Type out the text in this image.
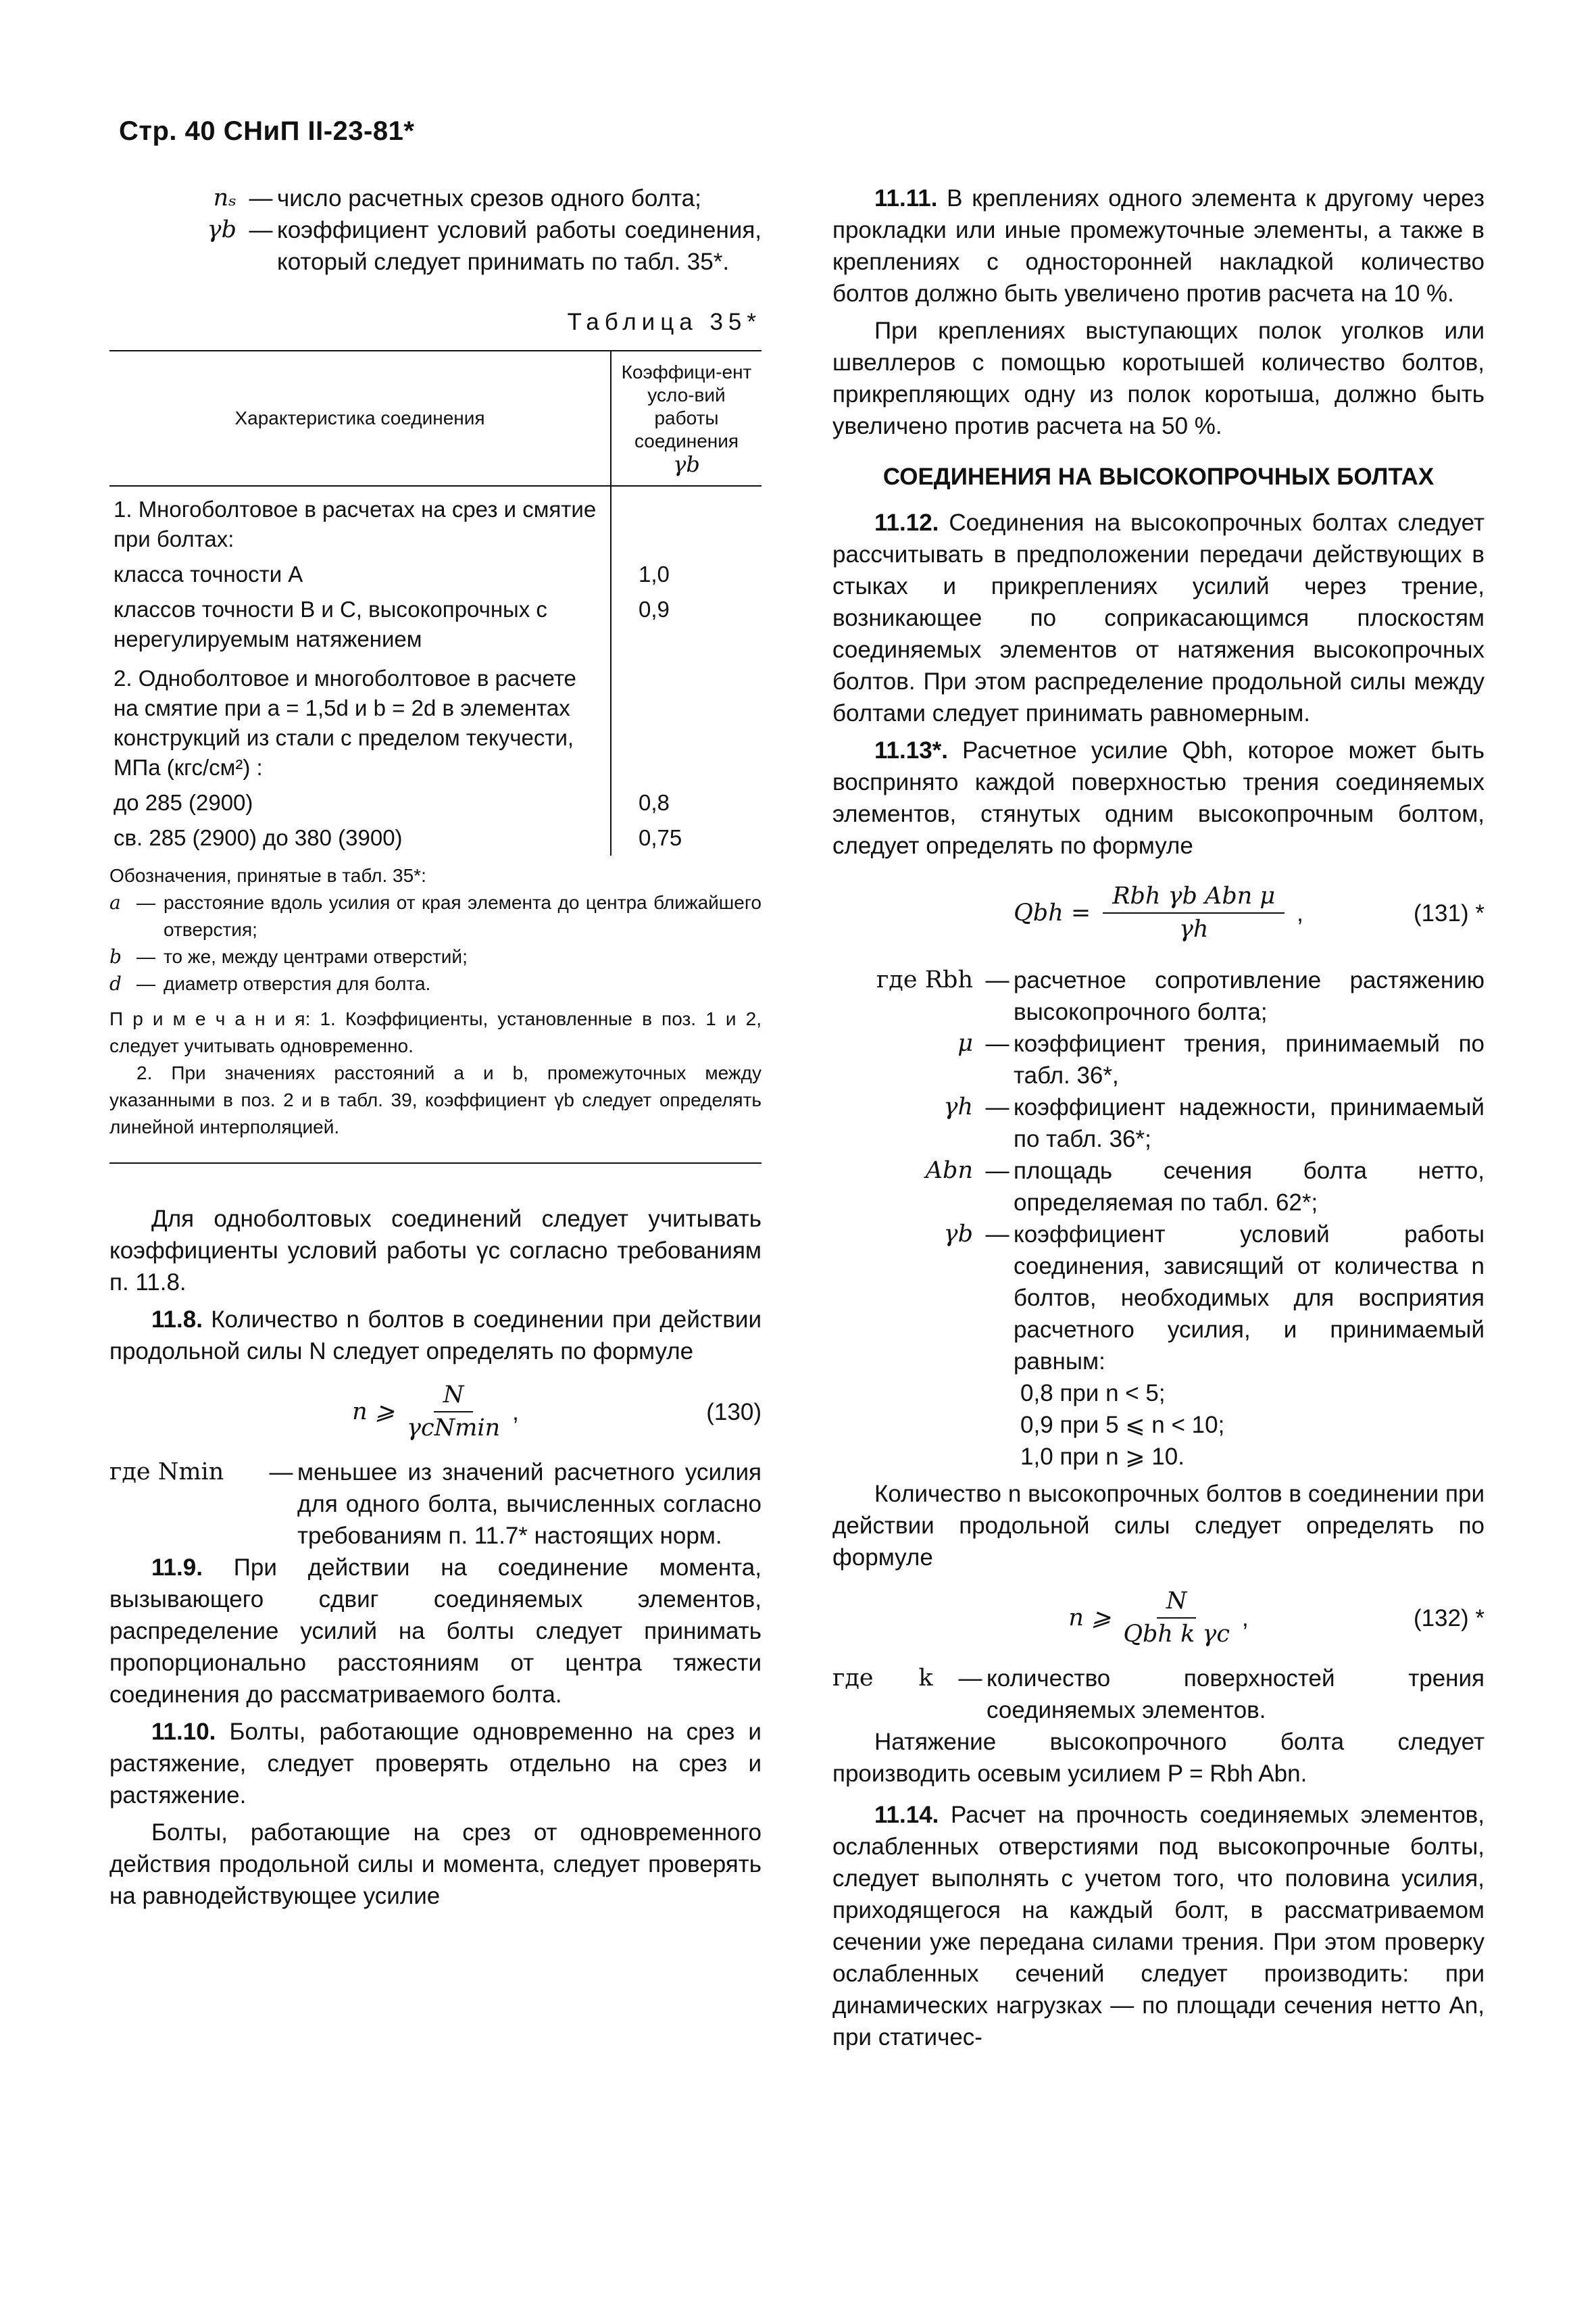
Стр. 40 СНиП II-23-81*
nₛ — число расчетных срезов одного болта;
γb — коэффициент условий работы соединения, который следует принимать по табл. 35*.
Таблица 35*
Характеристика соединения	Коэффици-ент усло-вий работы соединения
γb

1. Многоболтовое в расчетах на срез и смятие при болтах:	
класса точности А	1,0
классов точности В и С, высокопрочных с нерегулируемым натяжением	0,9
2. Одноболтовое и многоболтовое в расчете на смятие при a = 1,5d и b = 2d в элементах конструкций из стали с пределом текучести, МПа (кгс/см²) :	
до 285 (2900)	0,8
св. 285 (2900) до 380 (3900)	0,75
Обозначения, принятые в табл. 35*:
a — расстояние вдоль усилия от края элемента до центра ближайшего отверстия;
b — то же, между центрами отверстий;
d — диаметр отверстия для болта.
П р и м е ч а н и я: 1. Коэффициенты, установленные в поз. 1 и 2, следует учитывать одновременно.
2. При значениях расстояний a и b, промежуточных между указанными в поз. 2 и в табл. 39, коэффициент γb следует определять линейной интерполяцией.

Для одноболтовых соединений следует учитывать коэффициенты условий работы γc согласно требованиям п. 11.8.

11.8. Количество n болтов в соединении при действии продольной силы N следует определять по формуле

n ⩾ $\frac{N}{\text{γcNmin}}$ ,	(130)
где Nmin	— меньшее из значений расчетного усилия для одного болта, вычисленных согласно требованиям п. 11.7* настоящих норм.

11.9. При действии на соединение момента, вызывающего сдвиг соединяемых элементов, распределение усилий на болты следует принимать пропорционально расстояниям от центра тяжести соединения до рассматриваемого болта.

11.10. Болты, работающие одновременно на срез и растяжение, следует проверять отдельно на срез и растяжение.

Болты, работающие на срез от одновременного действия продольной силы и момента, следует проверять на равнодействующее усилие

11.11. В креплениях одного элемента к другому через прокладки или иные промежуточные элементы, а также в креплениях с односторонней накладкой количество болтов должно быть увеличено против расчета на 10 %.

При креплениях выступающих полок уголков или швеллеров с помощью коротышей количество болтов, прикрепляющих одну из полок коротыша, должно быть увеличено против расчета на 50 %.

СОЕДИНЕНИЯ НА ВЫСОКОПРОЧНЫХ БОЛТАХ

11.12. Соединения на высокопрочных болтах следует рассчитывать в предположении передачи действующих в стыках и прикреплениях усилий через трение, возникающее по соприкасающимся плоскостям соединяемых элементов от натяжения высокопрочных болтов. При этом распределение продольной силы между болтами следует принимать равномерным.

11.13*. Расчетное усилие Qbh, которое может быть воспринято каждой поверхностью трения соединяемых элементов, стянутых одним высокопрочным болтом, следует определять по формуле

Qbh = $\frac{\text{Rbh γb Abn μ}}{\gamma h}$ ,	(131) *
где Rbh — расчетное сопротивление растяжению высокопрочного болта;
μ — коэффициент трения, принимаемый по табл. 36*,
γh — коэффициент надежности, принимаемый по табл. 36*;
Abn — площадь сечения болта нетто, определяемая по табл. 62*;
γb — коэффициент условий работы соединения, зависящий от количества n болтов, необходимых для восприятия расчетного усилия, и принимаемый равным:
0,8 при n < 5;
0,9 при 5 ⩽ n < 10;
1,0 при n ⩾ 10.

Количество n высокопрочных болтов в соединении при действии продольной силы следует определять по формуле

n ⩾ $\frac{N}{\text{Qbh k γc}}$ ,	(132) *
где      k	— количество поверхностей трения соединяемых элементов.

Натяжение высокопрочного болта следует производить осевым усилием P = Rbh Abn.

11.14. Расчет на прочность соединяемых элементов, ослабленных отверстиями под высокопрочные болты, следует выполнять с учетом того, что половина усилия, приходящегося на каждый болт, в рассматриваемом сечении уже передана силами трения. При этом проверку ослабленных сечений следует производить: при динамических нагрузках — по площади сечения нетто An, при статичес-
